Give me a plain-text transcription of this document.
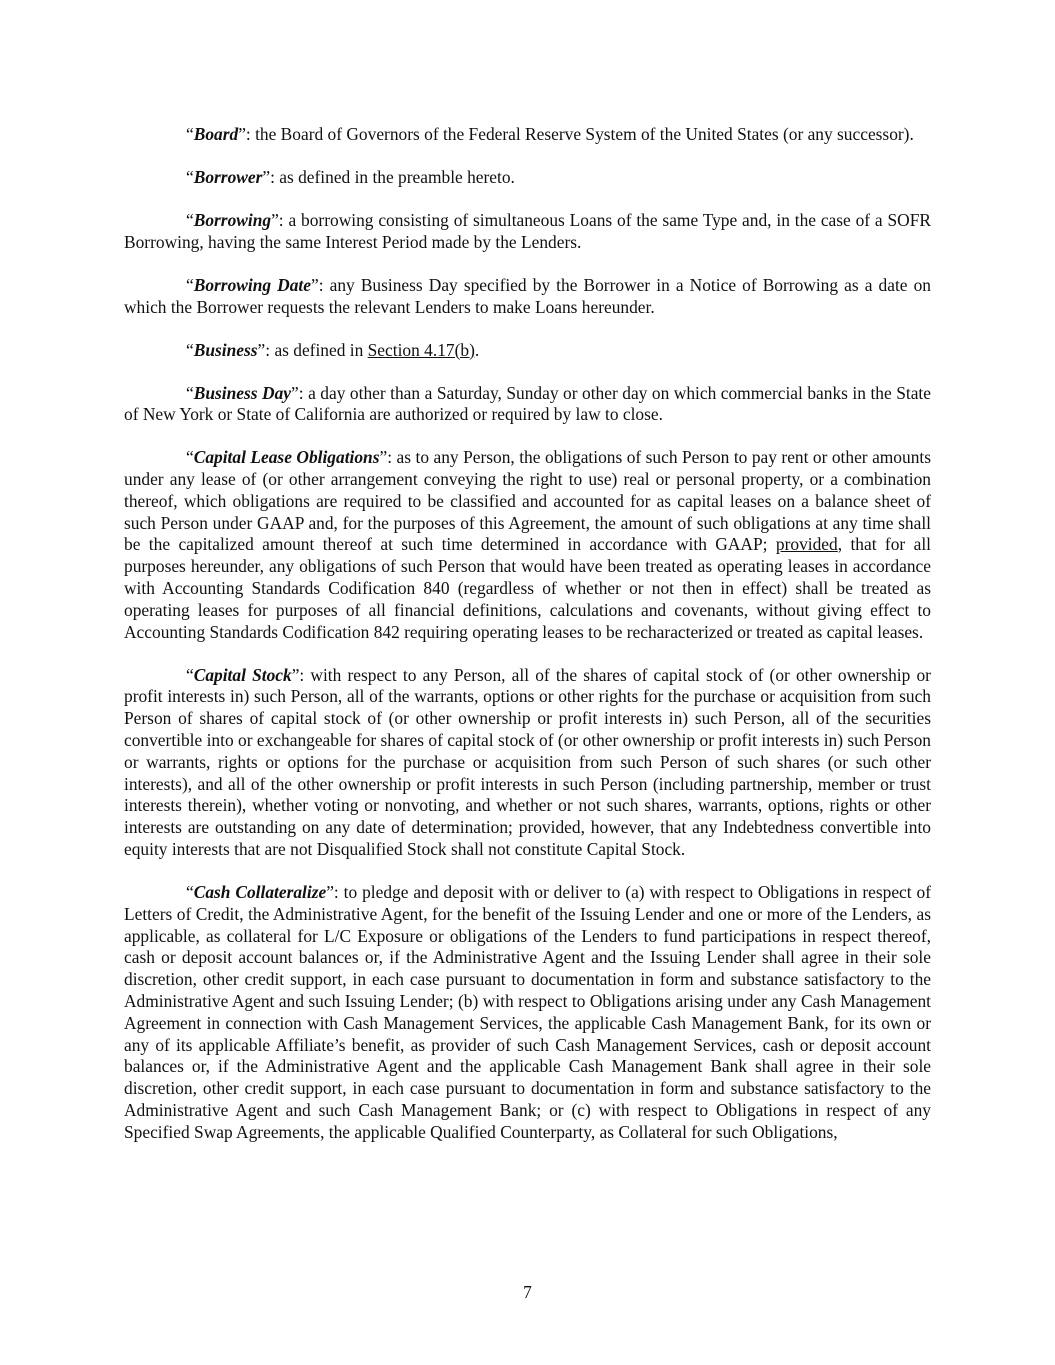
“Board”: the Board of Governors of the Federal Reserve System of the United States (or any successor).

“Borrower”: as defined in the preamble hereto.

“Borrowing”: a borrowing consisting of simultaneous Loans of the same Type and, in the case of a SOFR Borrowing, having the same Interest Period made by the Lenders.

“Borrowing Date”: any Business Day specified by the Borrower in a Notice of Borrowing as a date on which the Borrower requests the relevant Lenders to make Loans hereunder.

“Business”: as defined in Section 4.17(b).

“Business Day”: a day other than a Saturday, Sunday or other day on which commercial banks in the State of New York or State of California are authorized or required by law to close.

“Capital Lease Obligations”: as to any Person, the obligations of such Person to pay rent or other amounts under any lease of (or other arrangement conveying the right to use) real or personal property, or a combination thereof, which obligations are required to be classified and accounted for as capital leases on a balance sheet of such Person under GAAP and, for the purposes of this Agreement, the amount of such obligations at any time shall be the capitalized amount thereof at such time determined in accordance with GAAP; provided, that for all purposes hereunder, any obligations of such Person that would have been treated as operating leases in accordance with Accounting Standards Codification 840 (regardless of whether or not then in effect) shall be treated as operating leases for purposes of all financial definitions, calculations and covenants, without giving effect to Accounting Standards Codification 842 requiring operating leases to be recharacterized or treated as capital leases.

“Capital Stock”: with respect to any Person, all of the shares of capital stock of (or other ownership or profit interests in) such Person, all of the warrants, options or other rights for the purchase or acquisition from such Person of shares of capital stock of (or other ownership or profit interests in) such Person, all of the securities convertible into or exchangeable for shares of capital stock of (or other ownership or profit interests in) such Person or warrants, rights or options for the purchase or acquisition from such Person of such shares (or such other interests), and all of the other ownership or profit interests in such Person (including partnership, member or trust interests therein), whether voting or nonvoting, and whether or not such shares, warrants, options, rights or other interests are outstanding on any date of determination; provided, however, that any Indebtedness convertible into equity interests that are not Disqualified Stock shall not constitute Capital Stock.

“Cash Collateralize”: to pledge and deposit with or deliver to (a) with respect to Obligations in respect of Letters of Credit, the Administrative Agent, for the benefit of the Issuing Lender and one or more of the Lenders, as applicable, as collateral for L/C Exposure or obligations of the Lenders to fund participations in respect thereof, cash or deposit account balances or, if the Administrative Agent and the Issuing Lender shall agree in their sole discretion, other credit support, in each case pursuant to documentation in form and substance satisfactory to the Administrative Agent and such Issuing Lender; (b) with respect to Obligations arising under any Cash Management Agreement in connection with Cash Management Services, the applicable Cash Management Bank, for its own or any of its applicable Affiliate’s benefit, as provider of such Cash Management Services, cash or deposit account balances or, if the Administrative Agent and the applicable Cash Management Bank shall agree in their sole discretion, other credit support, in each case pursuant to documentation in form and substance satisfactory to the Administrative Agent and such Cash Management Bank; or (c) with respect to Obligations in respect of any Specified Swap Agreements, the applicable Qualified Counterparty, as Collateral for such Obligations,

7
